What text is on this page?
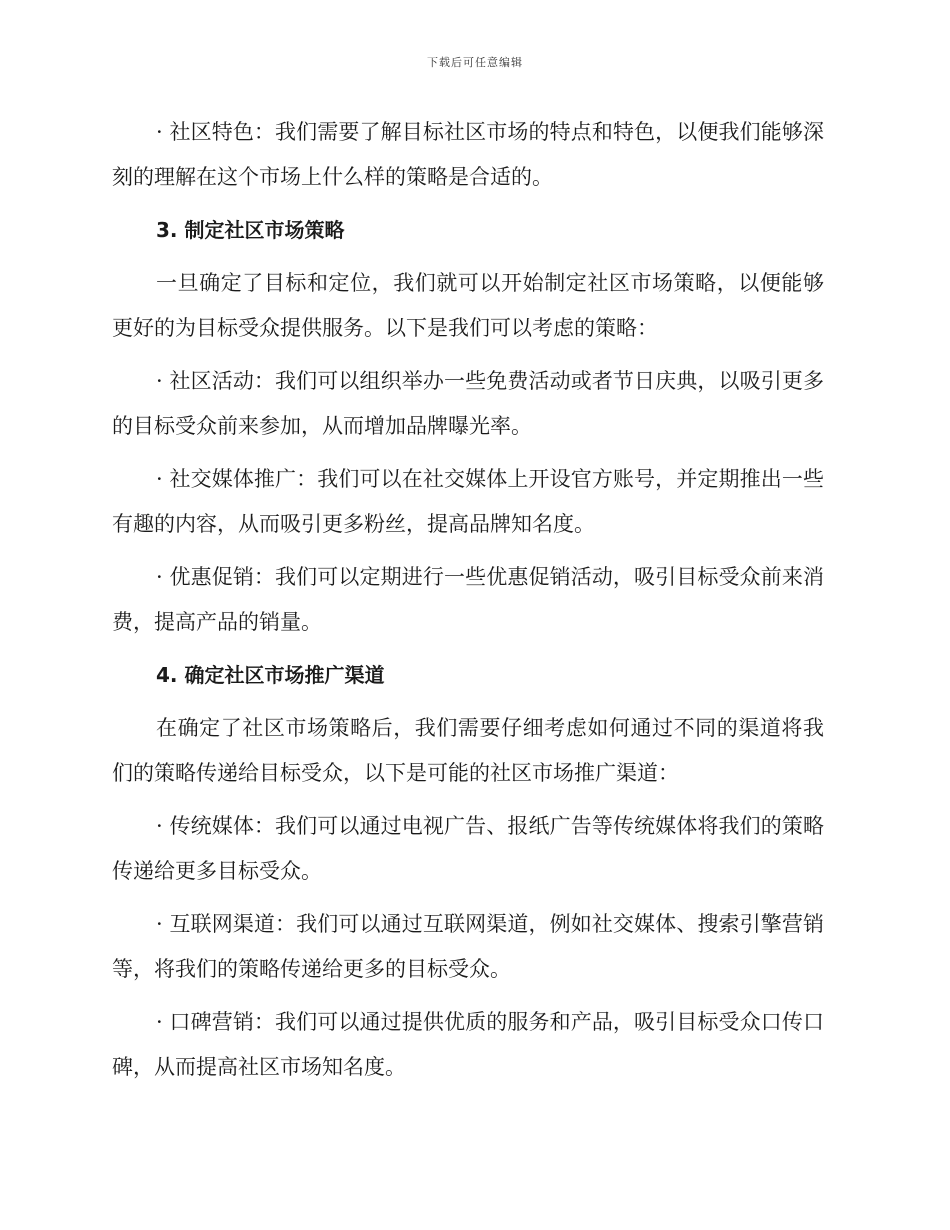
下载后可任意编辑

· 社区特色：我们需要了解目标社区市场的特点和特色，以便我们能够深刻的理解在这个市场上什么样的策略是合适的。

3. 制定社区市场策略

一旦确定了目标和定位，我们就可以开始制定社区市场策略，以便能够更好的为目标受众提供服务。以下是我们可以考虑的策略：

· 社区活动：我们可以组织举办一些免费活动或者节日庆典，以吸引更多的目标受众前来参加，从而增加品牌曝光率。

· 社交媒体推广：我们可以在社交媒体上开设官方账号，并定期推出一些有趣的内容，从而吸引更多粉丝，提高品牌知名度。

· 优惠促销：我们可以定期进行一些优惠促销活动，吸引目标受众前来消费，提高产品的销量。

4. 确定社区市场推广渠道

在确定了社区市场策略后，我们需要仔细考虑如何通过不同的渠道将我们的策略传递给目标受众，以下是可能的社区市场推广渠道：

· 传统媒体：我们可以通过电视广告、报纸广告等传统媒体将我们的策略传递给更多目标受众。

· 互联网渠道：我们可以通过互联网渠道，例如社交媒体、搜索引擎营销等，将我们的策略传递给更多的目标受众。

· 口碑营销：我们可以通过提供优质的服务和产品，吸引目标受众口传口碑，从而提高社区市场知名度。
